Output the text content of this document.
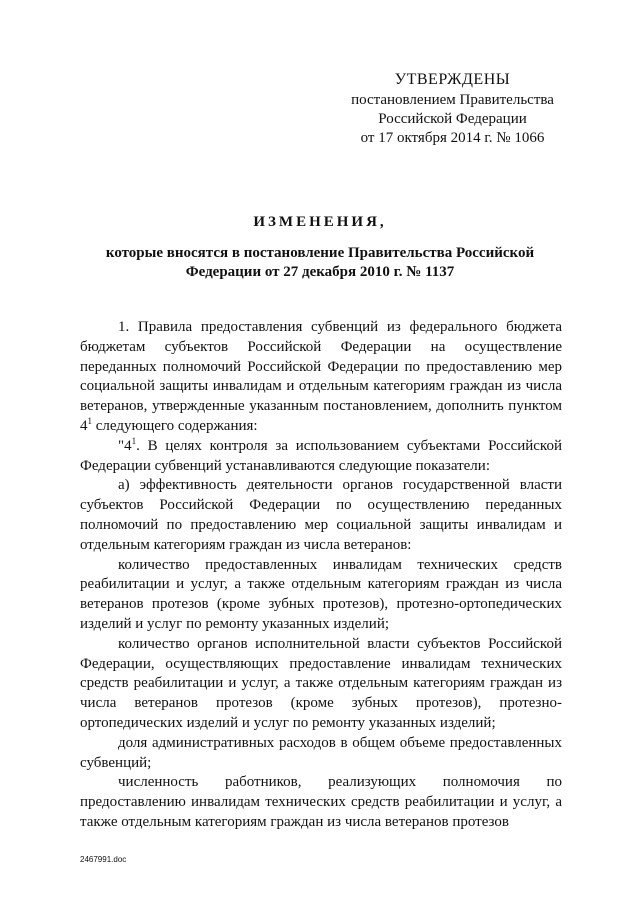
УТВЕРЖДЕНЫ
постановлением Правительства
Российской Федерации
от 17 октября 2014 г. № 1066
ИЗМЕНЕНИЯ,
которые вносятся в постановление Правительства Российской Федерации от 27 декабря 2010 г. № 1137

1. Правила предоставления субвенций из федерального бюджета бюджетам субъектов Российской Федерации на осуществление переданных полномочий Российской Федерации по предоставлению мер социальной защиты инвалидам и отдельным категориям граждан из числа ветеранов, утвержденные указанным постановлением, дополнить пунктом $4^1$ следующего содержания:

"$4^1$. В целях контроля за использованием субъектами Российской Федерации субвенций устанавливаются следующие показатели:

а) эффективность деятельности органов государственной власти субъектов Российской Федерации по осуществлению переданных полномочий по предоставлению мер социальной защиты инвалидам и отдельным категориям граждан из числа ветеранов:

количество предоставленных инвалидам технических средств реабилитации и услуг, а также отдельным категориям граждан из числа ветеранов протезов (кроме зубных протезов), протезно-ортопедических изделий и услуг по ремонту указанных изделий;

количество органов исполнительной власти субъектов Российской Федерации, осуществляющих предоставление инвалидам технических средств реабилитации и услуг, а также отдельным категориям граждан из числа ветеранов протезов (кроме зубных протезов), протезно-ортопедических изделий и услуг по ремонту указанных изделий;

доля административных расходов в общем объеме предоставленных субвенций;

численность работников, реализующих полномочия по предоставлению инвалидам технических средств реабилитации и услуг, а также отдельным категориям граждан из числа ветеранов протезов

2467991.doc
